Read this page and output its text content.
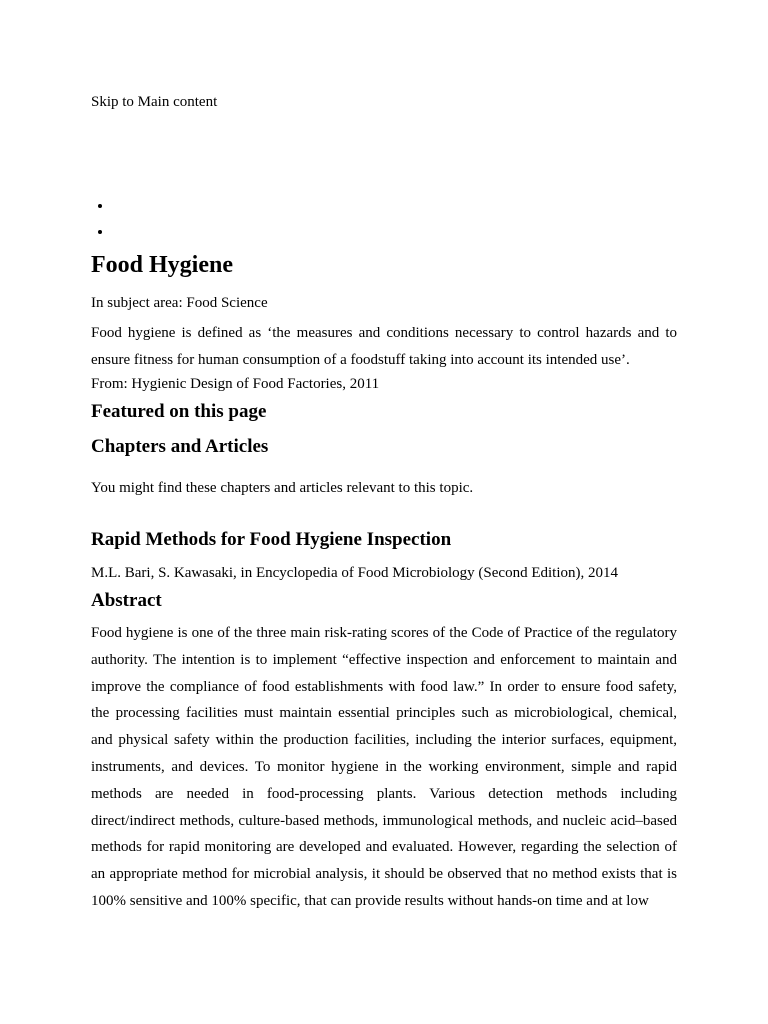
Skip to Main content
Food Hygiene

In subject area: Food Science

Food hygiene is defined as ‘the measures and conditions necessary to control hazards and to ensure fitness for human consumption of a foodstuff taking into account its intended use’.

From: Hygienic Design of Food Factories, 2011

Featured on this page
Chapters and Articles

You might find these chapters and articles relevant to this topic.

Rapid Methods for Food Hygiene Inspection

M.L. Bari, S. Kawasaki, in Encyclopedia of Food Microbiology (Second Edition), 2014

Abstract

Food hygiene is one of the three main risk-rating scores of the Code of Practice of the regulatory authority. The intention is to implement “effective inspection and enforcement to maintain and improve the compliance of food establishments with food law.” In order to ensure food safety, the processing facilities must maintain essential principles such as microbiological, chemical, and physical safety within the production facilities, including the interior surfaces, equipment, instruments, and devices. To monitor hygiene in the working environment, simple and rapid methods are needed in food-processing plants. Various detection methods including direct/indirect methods, culture-based methods, immunological methods, and nucleic acid–based methods for rapid monitoring are developed and evaluated. However, regarding the selection of an appropriate method for microbial analysis, it should be observed that no method exists that is 100% sensitive and 100% specific, that can provide results without hands-on time and at low
